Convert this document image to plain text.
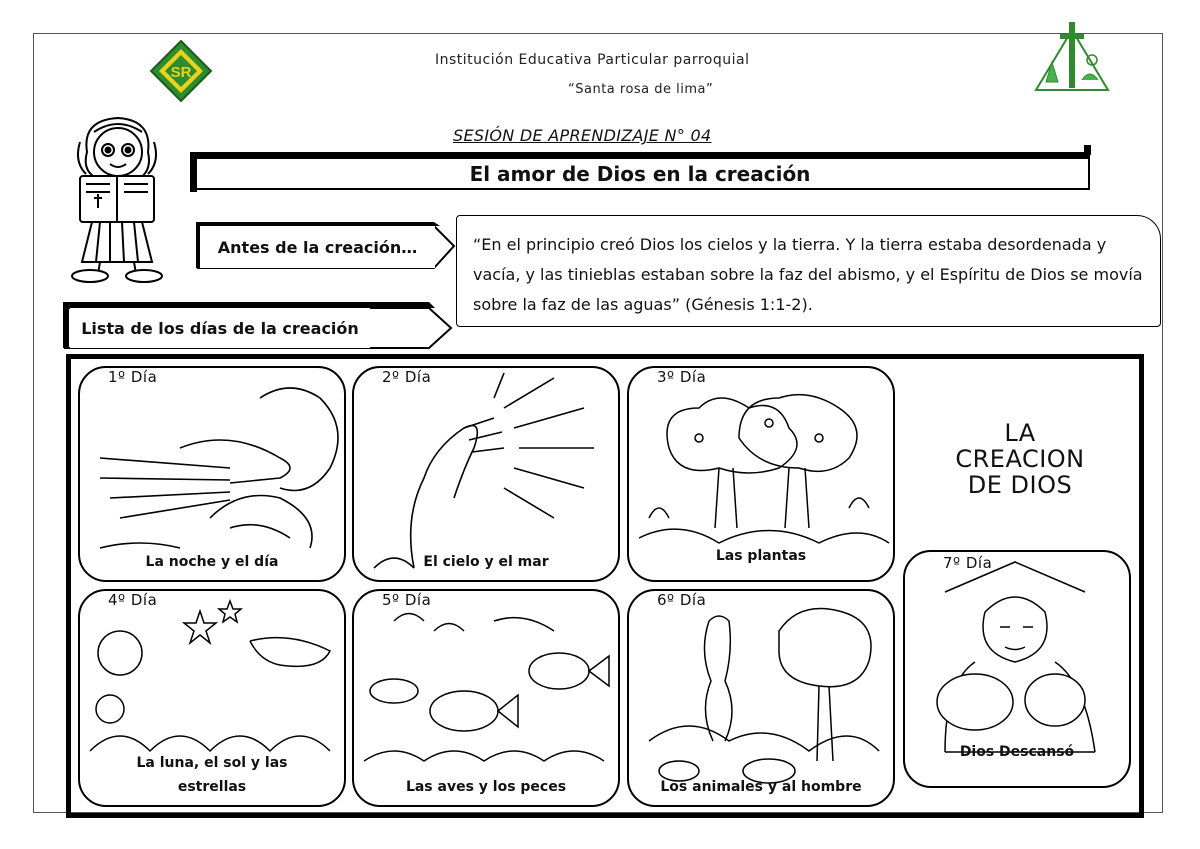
SR
Institución Educativa Particular parroquial
“Santa rosa de lima”
SESIÓN DE APRENDIZAJE N° 04
El amor de Dios en la creación
Antes de la creación…	“En el principio creó Dios los cielos y la tierra. Y la tierra estaba desordenada y vacía, y las tinieblas estaban sobre la faz del abismo, y el Espíritu de Dios se movía sobre la faz de las aguas” (Génesis 1:1-2).
Lista de los días de la creación
1º Día
La noche y el día
2º Día
El cielo y el mar
3º Día
Las plantas
LA
CREACION
DE DIOS
4º Día
La luna, el sol y las estrellas
5º Día
Las aves y los peces
6º Día
Los animales y al hombre
7º Día
Dios Descansó
